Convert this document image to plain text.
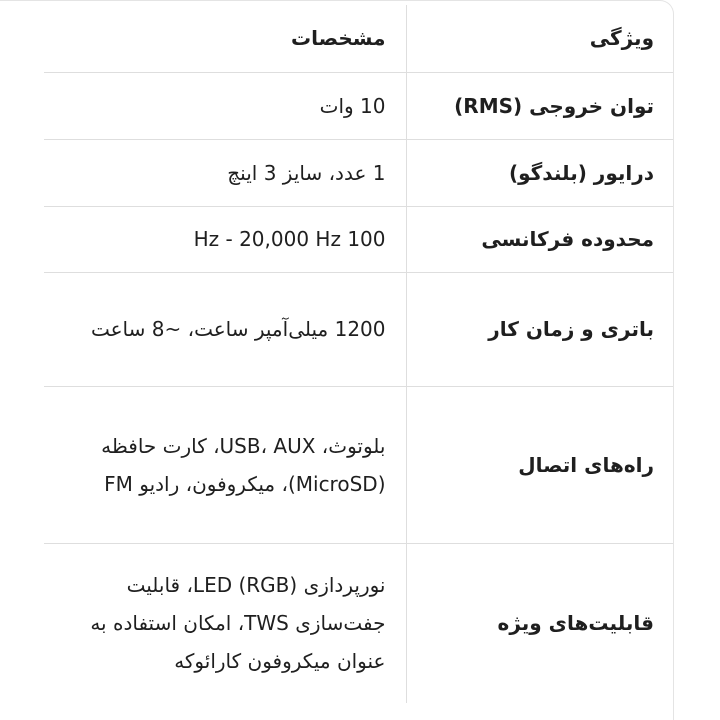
ویژگی	مشخصات
توان خروجی (RMS)	10 وات
درایور (بلندگو)	1 عدد، سایز 3 اینچ
محدوده فرکانسی	100 Hz - 20,000 Hz
باتری و زمان کار	1200 میلی‌آمپر ساعت، ~8 ساعت
راه‌های اتصال	بلوتوث، USB، AUX، کارت حافظه (MicroSD)، میکروفون، رادیو FM
قابلیت‌های ویژه	نورپردازی (RGB) LED، قابلیت جفت‌سازی TWS، امکان استفاده به عنوان میکروفون کارائوکه
